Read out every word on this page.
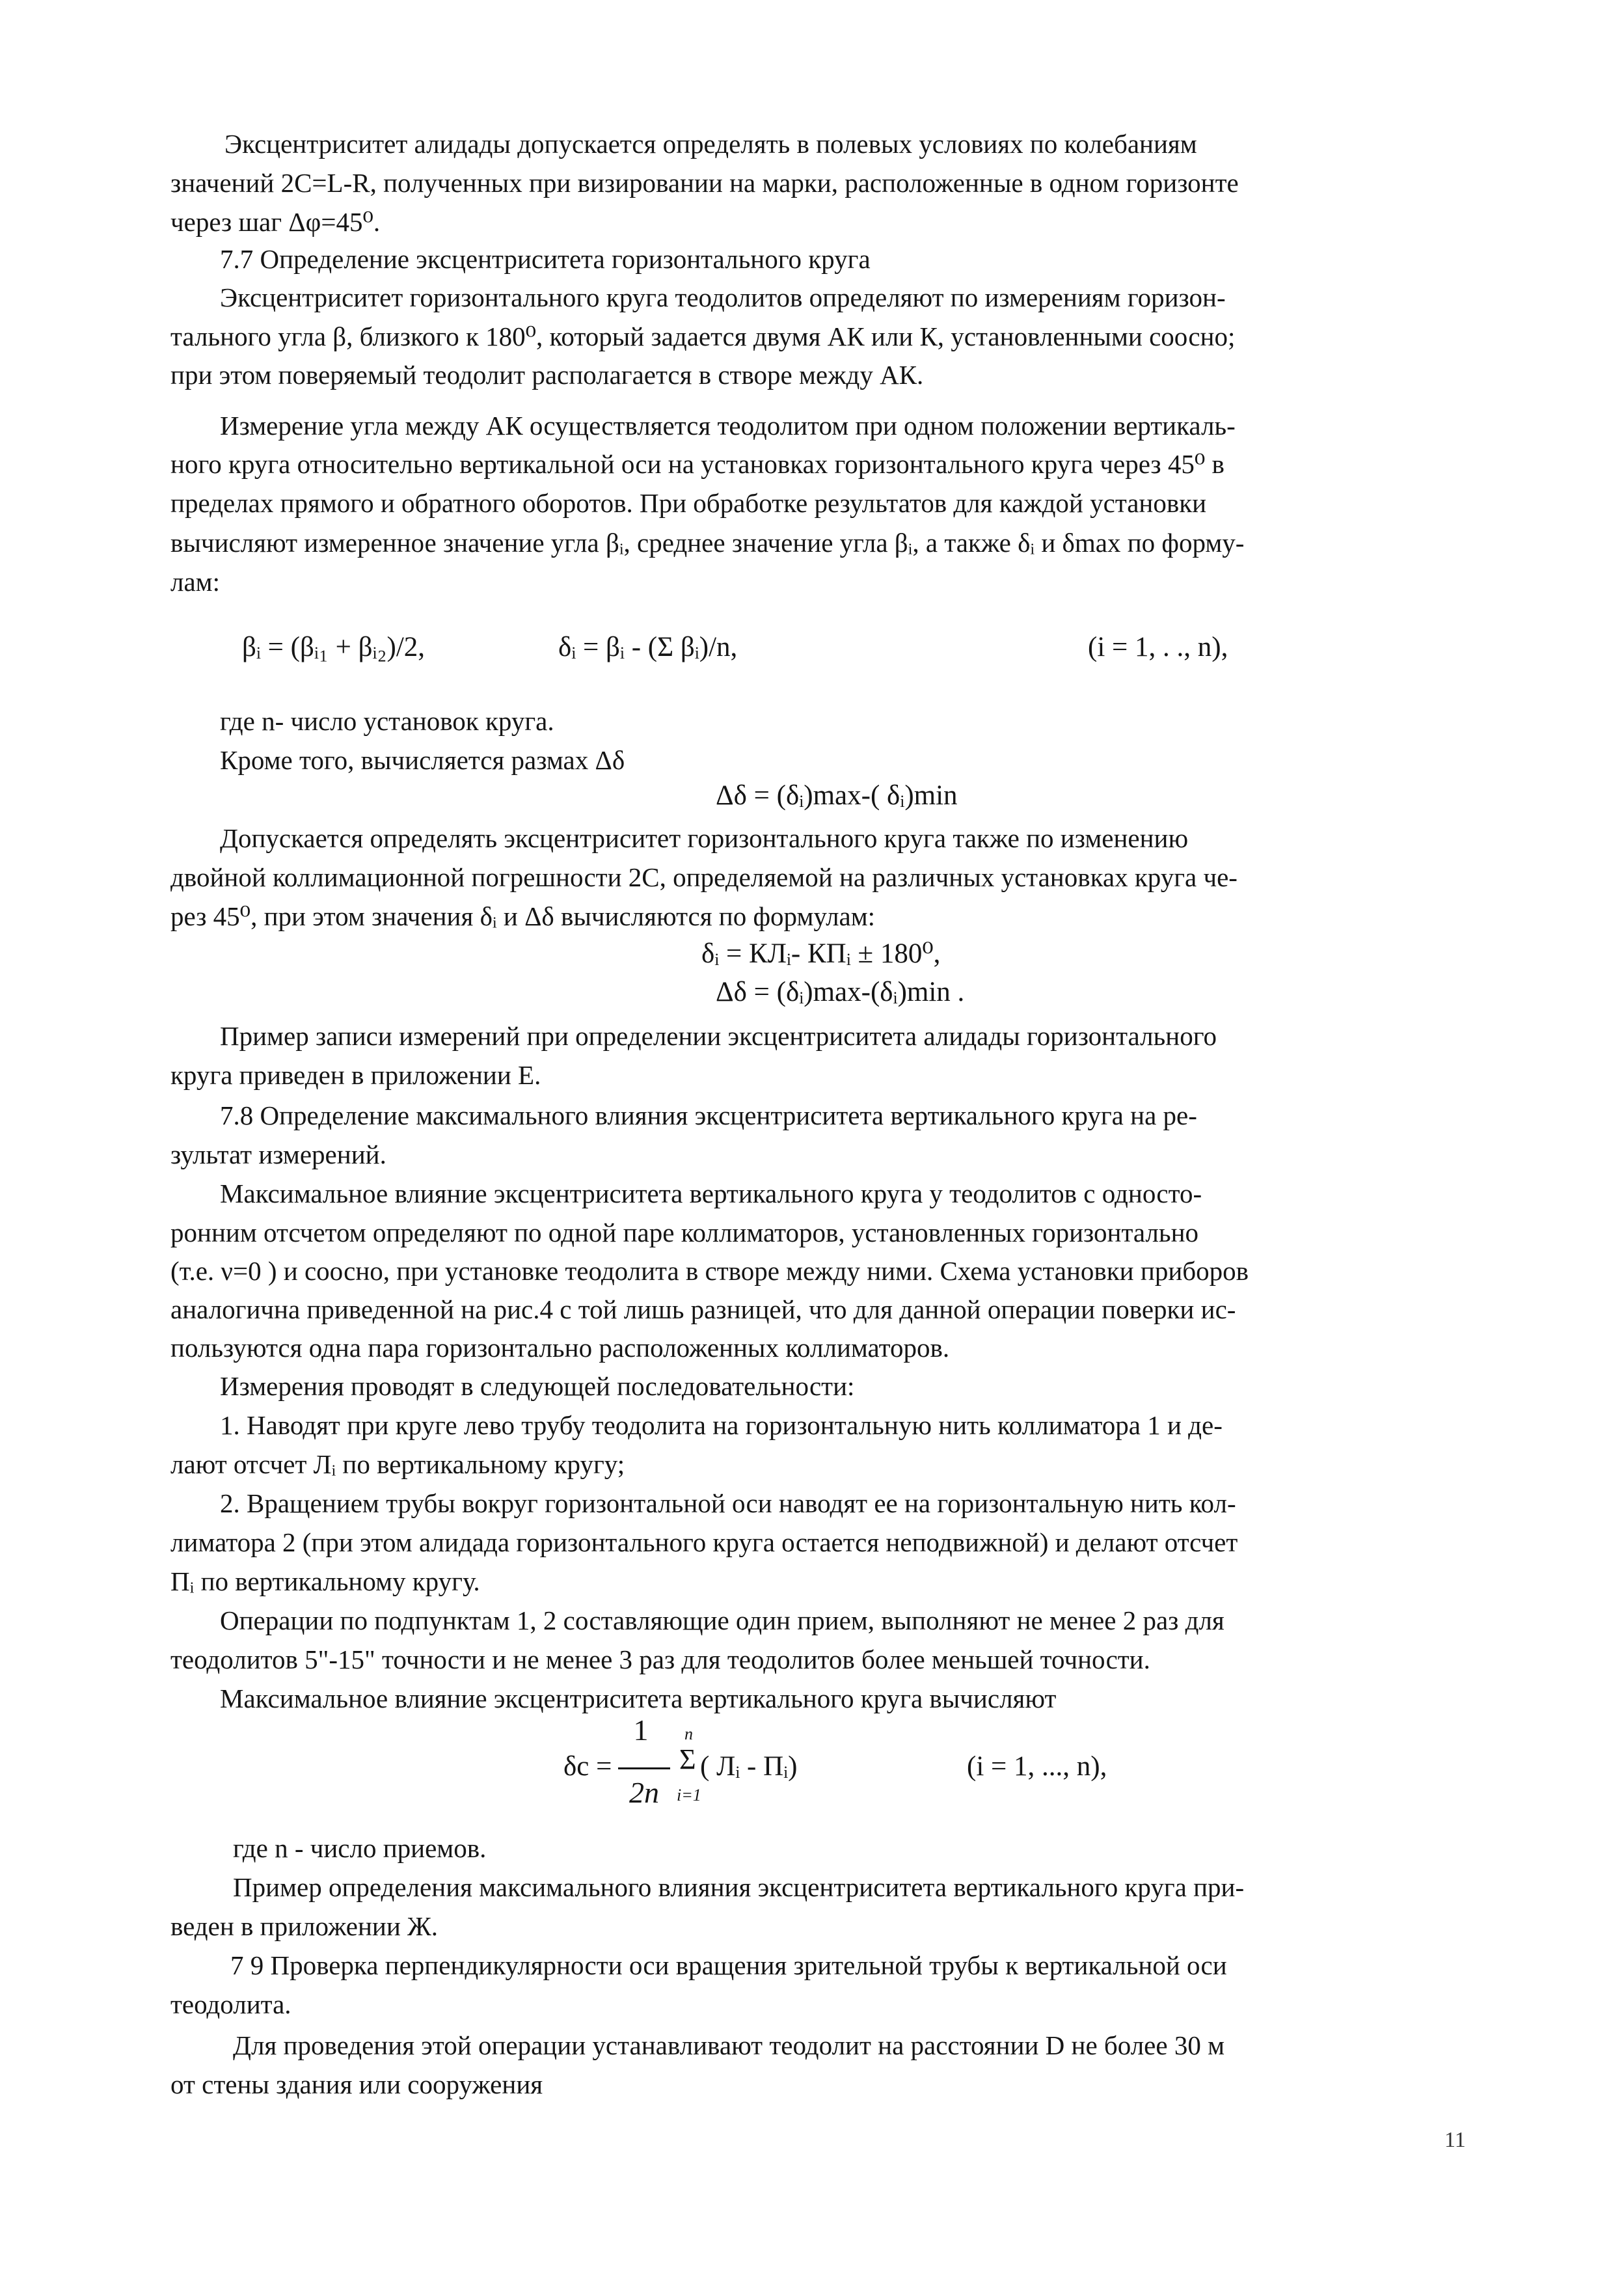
Эксцентриситет алидады допускается определять в полевых условиях по колебаниям
значений 2C=L-R, полученных при визировании на марки, расположенные в одном горизонте
через шаг Δφ=45⁰.
7.7 Определение эксцентриситета горизонтального круга
Эксцентриситет горизонтального круга теодолитов определяют по измерениям горизон-
тального угла β, близкого к 180⁰, который задается двумя АК или К, установленными соосно;
при этом поверяемый теодолит располагается в створе между АК.
Измерение угла между АК осуществляется теодолитом при одном положении вертикаль-
ного круга относительно вертикальной оси на установках горизонтального круга через 45⁰ в
пределах прямого и обратного оборотов. При обработке результатов для каждой установки
вычисляют измеренное значение угла βᵢ, среднее значение угла βᵢ, а также δᵢ и δmax по форму-
лам:
βᵢ = (βᵢ₁ + βᵢ₂)/2,	δᵢ = βᵢ - (Σ βᵢ)/n,	(i = 1, . ., n),
где n- число установок круга.
Кроме того, вычисляется размах Δδ
Δδ = (δᵢ)max-( δᵢ)min
Допускается определять эксцентриситет горизонтального круга также по изменению
двойной коллимационной погрешности 2С, определяемой на различных установках круга че-
рез 45⁰, при этом значения δᵢ и Δδ вычисляются по формулам:
δᵢ = КЛᵢ- КПᵢ ± 180⁰,
Δδ = (δᵢ)max-(δᵢ)min .
Пример записи измерений при определении эксцентриситета алидады горизонтального
круга приведен в приложении Е.
7.8 Определение максимального влияния эксцентриситета вертикального круга на ре-
зультат измерений.
Максимальное влияние эксцентриситета вертикального круга у теодолитов с односто-
ронним отсчетом определяют по одной паре коллиматоров, установленных горизонтально
(т.е. ν=0 ) и соосно, при установке теодолита в створе между ними. Схема установки приборов
аналогична приведенной на рис.4 с той лишь разницей, что для данной операции поверки ис-
пользуются одна пара горизонтально расположенных коллиматоров.
Измерения проводят в следующей последовательности:
1. Наводят при круге лево трубу теодолита на горизонтальную нить коллиматора 1 и де-
лают отсчет Лᵢ по вертикальному кругу;
2. Вращением трубы вокруг горизонтальной оси наводят ее на горизонтальную нить кол-
лиматора 2 (при этом алидада горизонтального круга остается неподвижной) и делают отсчет
Пᵢ по вертикальному кругу.
Операции по подпунктам 1, 2 составляющие один прием, выполняют не менее 2 раз для
теодолитов 5"-15" точности и не менее 3 раз для теодолитов более меньшей точности.
Максимальное влияние эксцентриситета вертикального круга вычисляют
δc =
1
2n
n
Σ
i=1
( Лᵢ - Пᵢ)	(i = 1, ..., n),
где n - число приемов.
Пример определения максимального влияния эксцентриситета вертикального круга при-
веден в приложении Ж.
7 9 Проверка перпендикулярности оси вращения зрительной трубы к вертикальной оси
теодолита.
Для проведения этой операции устанавливают теодолит на расстоянии D не более 30 м
от стены здания или сооружения
11
